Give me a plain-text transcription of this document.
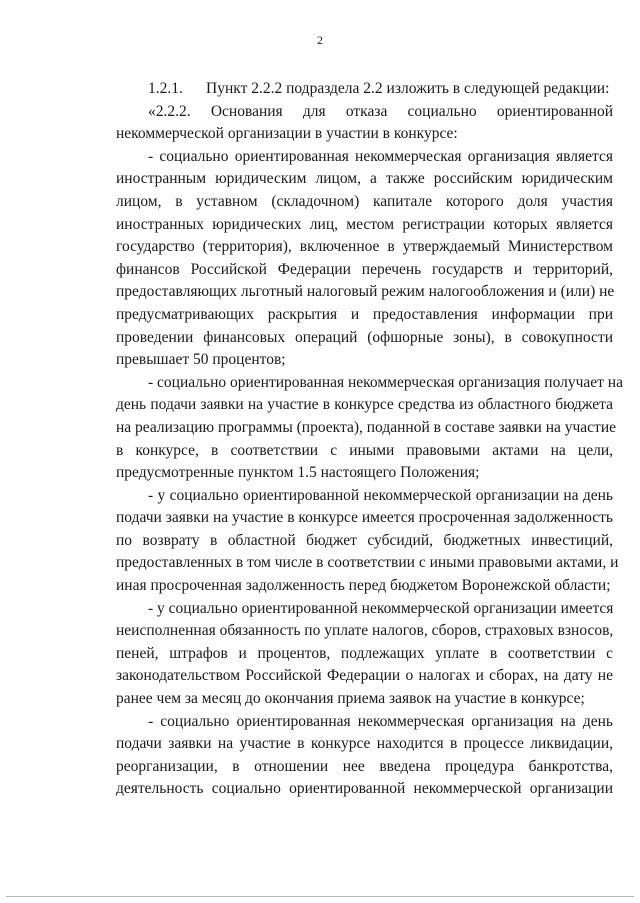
2
1.2.1.	Пункт 2.2.2 подраздела 2.2 изложить в следующей редакции:
«2.2.2. Основания для отказа социально ориентированной
некоммерческой организации в участии в конкурсе:
- социально ориентированная некоммерческая организация является
иностранным юридическим лицом, а также российским юридическим
лицом, в уставном (складочном) капитале которого доля участия
иностранных юридических лиц, местом регистрации которых является
государство (территория), включенное в утверждаемый Министерством
финансов Российской Федерации перечень государств и территорий,
предоставляющих льготный налоговый режим налогообложения и (или) не
предусматривающих раскрытия и предоставления информации при
проведении финансовых операций (офшорные зоны), в совокупности
превышает 50 процентов;
- социально ориентированная некоммерческая организация получает на
день подачи заявки на участие в конкурсе средства из областного бюджета
на реализацию программы (проекта), поданной в составе заявки на участие
в конкурсе, в соответствии с иными правовыми актами на цели,
предусмотренные пунктом 1.5 настоящего Положения;
- у социально ориентированной некоммерческой организации на день
подачи заявки на участие в конкурсе имеется просроченная задолженность
по возврату в областной бюджет субсидий, бюджетных инвестиций,
предоставленных в том числе в соответствии с иными правовыми актами, и
иная просроченная задолженность перед бюджетом Воронежской области;
- у социально ориентированной некоммерческой организации имеется
неисполненная обязанность по уплате налогов, сборов, страховых взносов,
пеней, штрафов и процентов, подлежащих уплате в соответствии с
законодательством Российской Федерации о налогах и сборах, на дату не
ранее чем за месяц до окончания приема заявок на участие в конкурсе;
- социально ориентированная некоммерческая организация на день
подачи заявки на участие в конкурсе находится в процессе ликвидации,
реорганизации, в отношении нее введена процедура банкротства,
деятельность социально ориентированной некоммерческой организации
